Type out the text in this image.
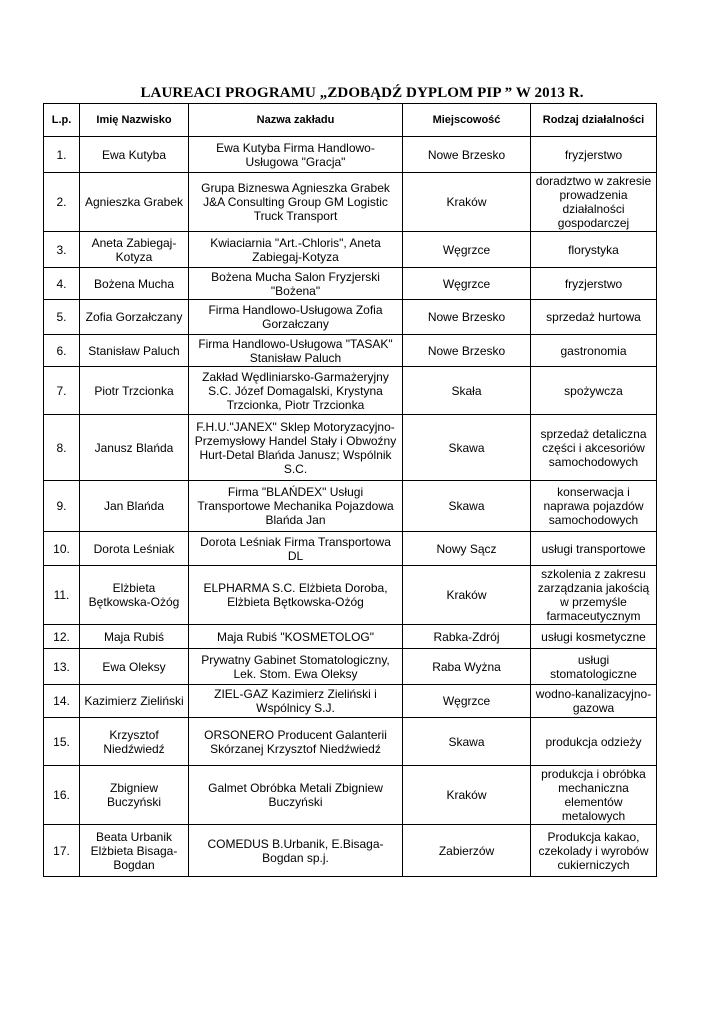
LAUREACI PROGRAMU „ZDOBĄDŹ DYPLOM PIP ” W 2013 R.
L.p.	Imię Nazwisko	Nazwa zakładu	Miejscowość	Rodzaj działalności
1.	Ewa Kutyba	Ewa Kutyba Firma Handlowo-Usługowa "Gracja"	Nowe Brzesko	fryzjerstwo
2.	Agnieszka Grabek	Grupa Bizneswa Agnieszka Grabek J&A Consulting Group GM Logistic Truck Transport	Kraków	doradztwo w zakresie prowadzenia działalności gospodarczej
3.	Aneta Zabiegaj-Kotyza	Kwiaciarnia "Art.-Chloris", Aneta Zabiegaj-Kotyza	Węgrzce	florystyka
4.	Bożena Mucha	Bożena Mucha Salon Fryzjerski "Bożena"	Węgrzce	fryzjerstwo
5.	Zofia Gorzałczany	Firma Handlowo-Usługowa Zofia Gorzałczany	Nowe Brzesko	sprzedaż hurtowa
6.	Stanisław Paluch	Firma Handlowo-Usługowa "TASAK" Stanisław Paluch	Nowe Brzesko	gastronomia
7.	Piotr Trzcionka	Zakład Wędliniarsko-Garmażeryjny S.C. Józef Domagalski, Krystyna Trzcionka, Piotr Trzcionka	Skała	spożywcza
8.	Janusz Blańda	F.H.U."JANEX" Sklep Motoryzacyjno-Przemysłowy Handel Stały i Obwoźny Hurt-Detal Blańda Janusz; Wspólnik S.C.	Skawa	sprzedaż detaliczna części i akcesoriów samochodowych
9.	Jan Blańda	Firma "BLAŃDEX" Usługi Transportowe Mechanika Pojazdowa Blańda Jan	Skawa	konserwacja i naprawa pojazdów samochodowych
10.	Dorota Leśniak	Dorota Leśniak Firma Transportowa DL	Nowy Sącz	usługi transportowe
11.	Elżbieta Bętkowska-Ożóg	ELPHARMA S.C. Elżbieta Doroba, Elżbieta Bętkowska-Ożóg	Kraków	szkolenia z zakresu zarządzania jakością w przemyśle farmaceutycznym
12.	Maja Rubiś	Maja Rubiś "KOSMETOLOG"	Rabka-Zdrój	usługi kosmetyczne
13.	Ewa Oleksy	Prywatny Gabinet Stomatologiczny, Lek. Stom. Ewa Oleksy	Raba Wyżna	usługi stomatologiczne
14.	Kazimierz Zieliński	ZIEL-GAZ Kazimierz Zieliński i Wspólnicy S.J.	Węgrzce	wodno-kanalizacyjno-gazowa
15.	Krzysztof Niedźwiedź	ORSONERO Producent Galanterii Skórzanej Krzysztof Niedźwiedź	Skawa	produkcja odzieży
16.	Zbigniew Buczyński	Galmet Obróbka Metali Zbigniew Buczyński	Kraków	produkcja i obróbka mechaniczna elementów metalowych
17.	Beata Urbanik Elżbieta Bisaga-Bogdan	COMEDUS B.Urbanik, E.Bisaga-Bogdan sp.j.	Zabierzów	Produkcja kakao, czekolady i wyrobów cukierniczych
